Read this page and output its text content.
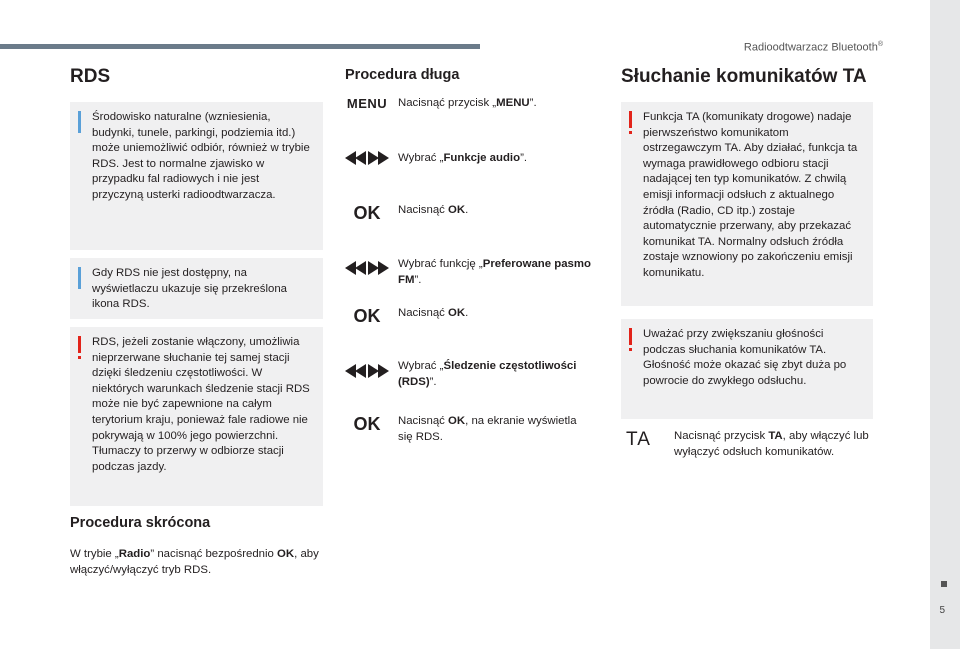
Radioodtwarzacz Bluetooth®
5
RDS
Środowisko naturalne (wzniesienia, budynki, tunele, parkingi, podziemia itd.) może uniemożliwić odbiór, również w trybie RDS. Jest to normalne zjawisko w przypadku fal radiowych i nie jest przyczyną usterki radioodtwarzacza.
Gdy RDS nie jest dostępny, na wyświetlaczu ukazuje się przekreślona ikona RDS.
RDS, jeżeli zostanie włączony, umożliwia nieprzerwane słuchanie tej samej stacji dzięki śledzeniu częstotliwości. W niektórych warunkach śledzenie stacji RDS może nie być zapewnione na całym terytorium kraju, ponieważ fale radiowe nie pokrywają w 100% jego powierzchni. Tłumaczy to przerwy w odbiorze stacji podczas jazdy.
Procedura skrócona
W trybie „Radio” nacisnąć bezpośrednio OK, aby włączyć/wyłączyć tryb RDS.
Procedura długa
MENU Nacisnąć przycisk „MENU”.
Wybrać „Funkcje audio”.
OK	Nacisnąć OK.
Wybrać funkcję „Preferowane pasmo FM”.
OK	Nacisnąć OK.
Wybrać „Śledzenie częstotliwości (RDS)”.
OK	Nacisnąć OK, na ekranie wyświetla się RDS.
Słuchanie komunikatów TA
Funkcja TA (komunikaty drogowe) nadaje pierwszeństwo komunikatom ostrzegawczym TA. Aby działać, funkcja ta wymaga prawidłowego odbioru stacji nadającej ten typ komunikatów. Z chwilą emisji informacji odsłuch z aktualnego źródła (Radio, CD itp.) zostaje automatycznie przerwany, aby przekazać komunikat TA. Normalny odsłuch źródła zostaje wznowiony po zakończeniu emisji komunikatu.
Uważać przy zwiększaniu głośności podczas słuchania komunikatów TA. Głośność może okazać się zbyt duża po powrocie do zwykłego odsłuchu.
TA Nacisnąć przycisk TA, aby włączyć lub wyłączyć odsłuch komunikatów.
